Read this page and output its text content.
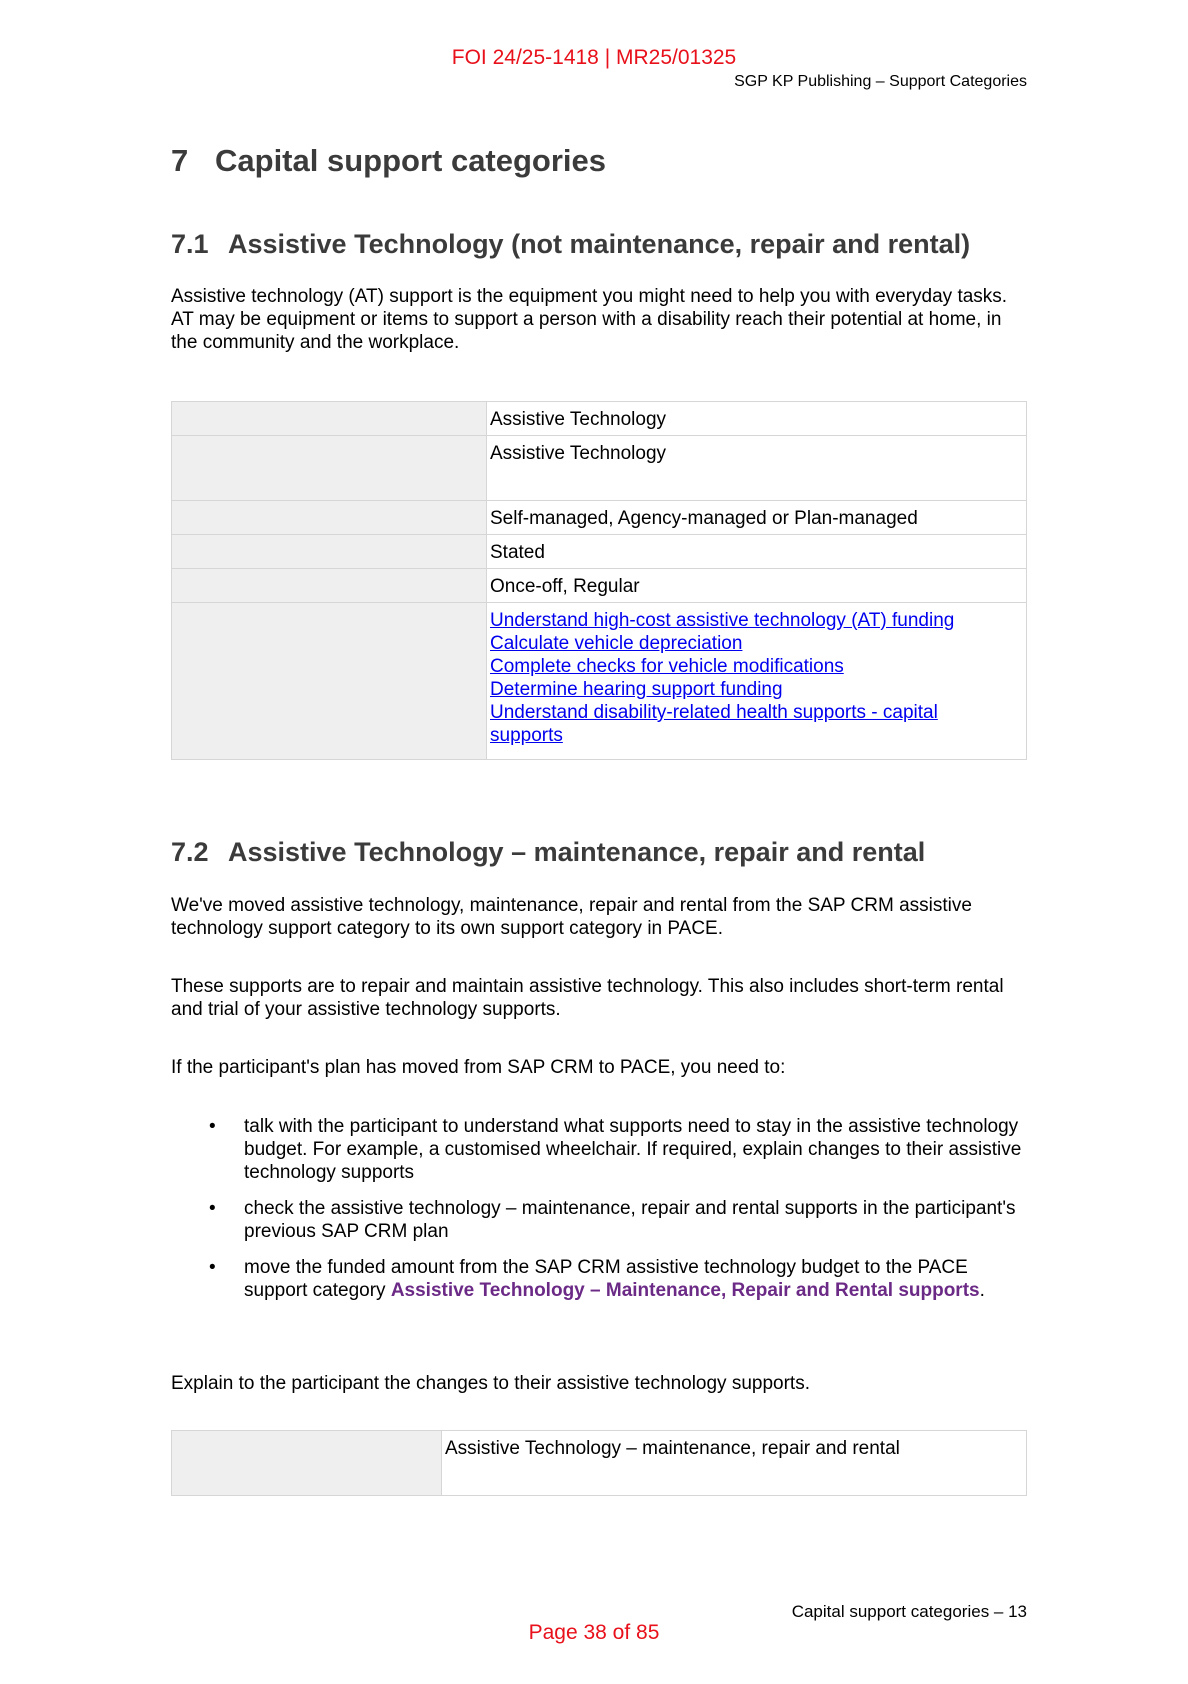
FOI 24/25-1418 | MR25/01325
SGP KP Publishing – Support Categories
7 Capital support categories
7.1 Assistive Technology (not maintenance, repair and rental)

Assistive technology (AT) support is the equipment you might need to help you with everyday tasks. AT may be equipment or items to support a person with a disability reach their potential at home, in the community and the workplace.

	Assistive Technology
	Assistive Technology
	Self-managed, Agency-managed or Plan-managed
	Stated
	Once-off, Regular

	Understand high-cost assistive technology (AT) funding
Calculate vehicle depreciation
Complete checks for vehicle modifications
Determine hearing support funding
Understand disability-related health supports - capital supports
7.2 Assistive Technology – maintenance, repair and rental

We've moved assistive technology, maintenance, repair and rental from the SAP CRM assistive technology support category to its own support category in PACE.

These supports are to repair and maintain assistive technology. This also includes short-term rental and trial of your assistive technology supports.

If the participant's plan has moved from SAP CRM to PACE, you need to:

• talk with the participant to understand what supports need to stay in the assistive technology budget. For example, a customised wheelchair. If required, explain changes to their assistive technology supports
• check the assistive technology – maintenance, repair and rental supports in the participant's previous SAP CRM plan
• move the funded amount from the SAP CRM assistive technology budget to the PACE support category Assistive Technology – Maintenance, Repair and Rental supports.

Explain to the participant the changes to their assistive technology supports.

	Assistive Technology – maintenance, repair and rental
Capital support categories – 13
Page 38 of 85
